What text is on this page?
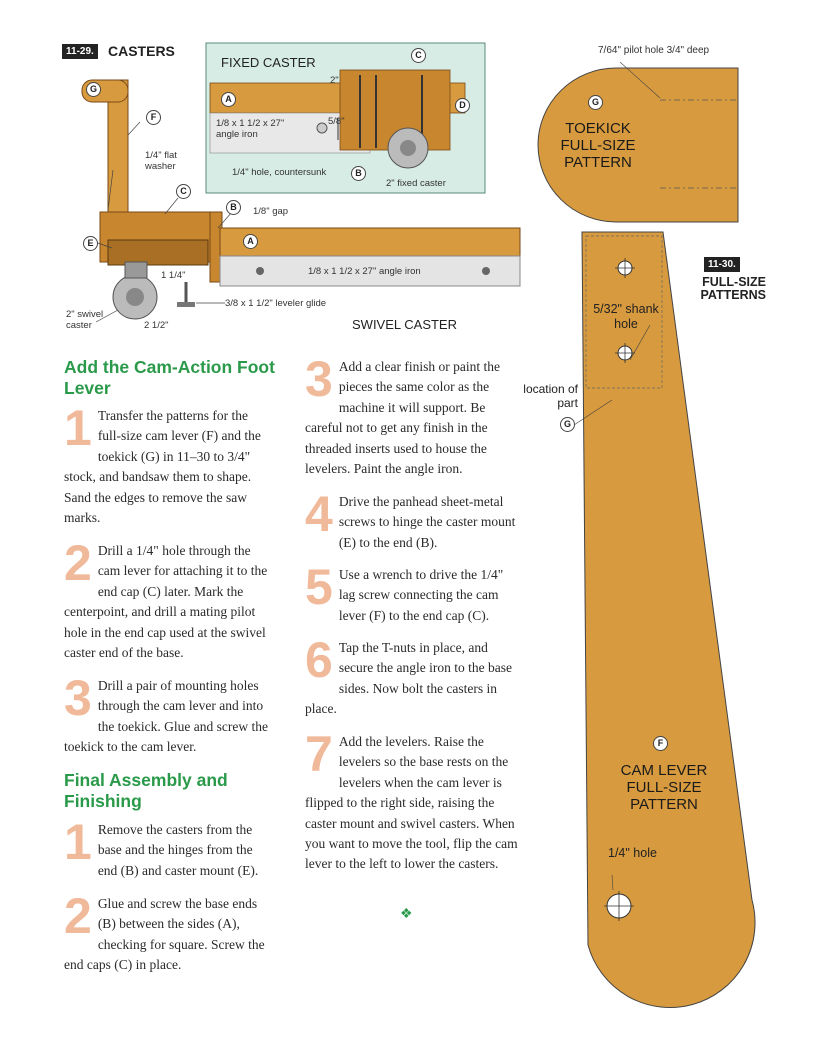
11-29. CASTERS
FIXED CASTER
2"
5/8"
1/8 x 1 1/2 x 27" angle iron
1/4" hole, countersunk
2" fixed caster
A
B
C
D
G
F
1/4" flat washer
C
B	1/8" gap
E	A
1 1/4"	1/8 x 1 1/2 x 27" angle iron
3/8 x 1 1/2" leveler glide
2" swivel caster	2 1/2"	SWIVEL CASTER
7/64" pilot hole 3/4" deep
G
TOEKICK FULL-SIZE PATTERN
11-30.
FULL-SIZE PATTERNS
5/32" shank hole
location of part
G
F
CAM LEVER FULL-SIZE PATTERN
1/4" hole
Add the Cam-Action Foot Lever
1 Transfer the patterns for the full-size cam lever (F) and the toekick (G) in 11–30 to 3/4" stock, and bandsaw them to shape. Sand the edges to remove the saw marks.
2 Drill a 1/4" hole through the cam lever for attaching it to the end cap (C) later. Mark the centerpoint, and drill a mating pilot hole in the end cap used at the swivel caster end of the base.
3 Drill a pair of mounting holes through the cam lever and into the toekick. Glue and screw the toekick to the cam lever.
Final Assembly and Finishing
1 Remove the casters from the base and the hinges from the end (B) and caster mount (E).
2 Glue and screw the base ends (B) between the sides (A), checking for square. Screw the end caps (C) in place.
3 Add a clear finish or paint the pieces the same color as the machine it will support. Be careful not to get any finish in the threaded inserts used to house the levelers. Paint the angle iron.
4 Drive the panhead sheet-metal screws to hinge the caster mount (E) to the end (B).
5 Use a wrench to drive the 1/4" lag screw connecting the cam lever (F) to the end cap (C).
6 Tap the T-nuts in place, and secure the angle iron to the base sides. Now bolt the casters in place.
7 Add the levelers. Raise the levelers so the base rests on the levelers when the cam lever is flipped to the right side, raising the caster mount and swivel casters. When you want to move the tool, flip the cam lever to the left to lower the casters.
❖
